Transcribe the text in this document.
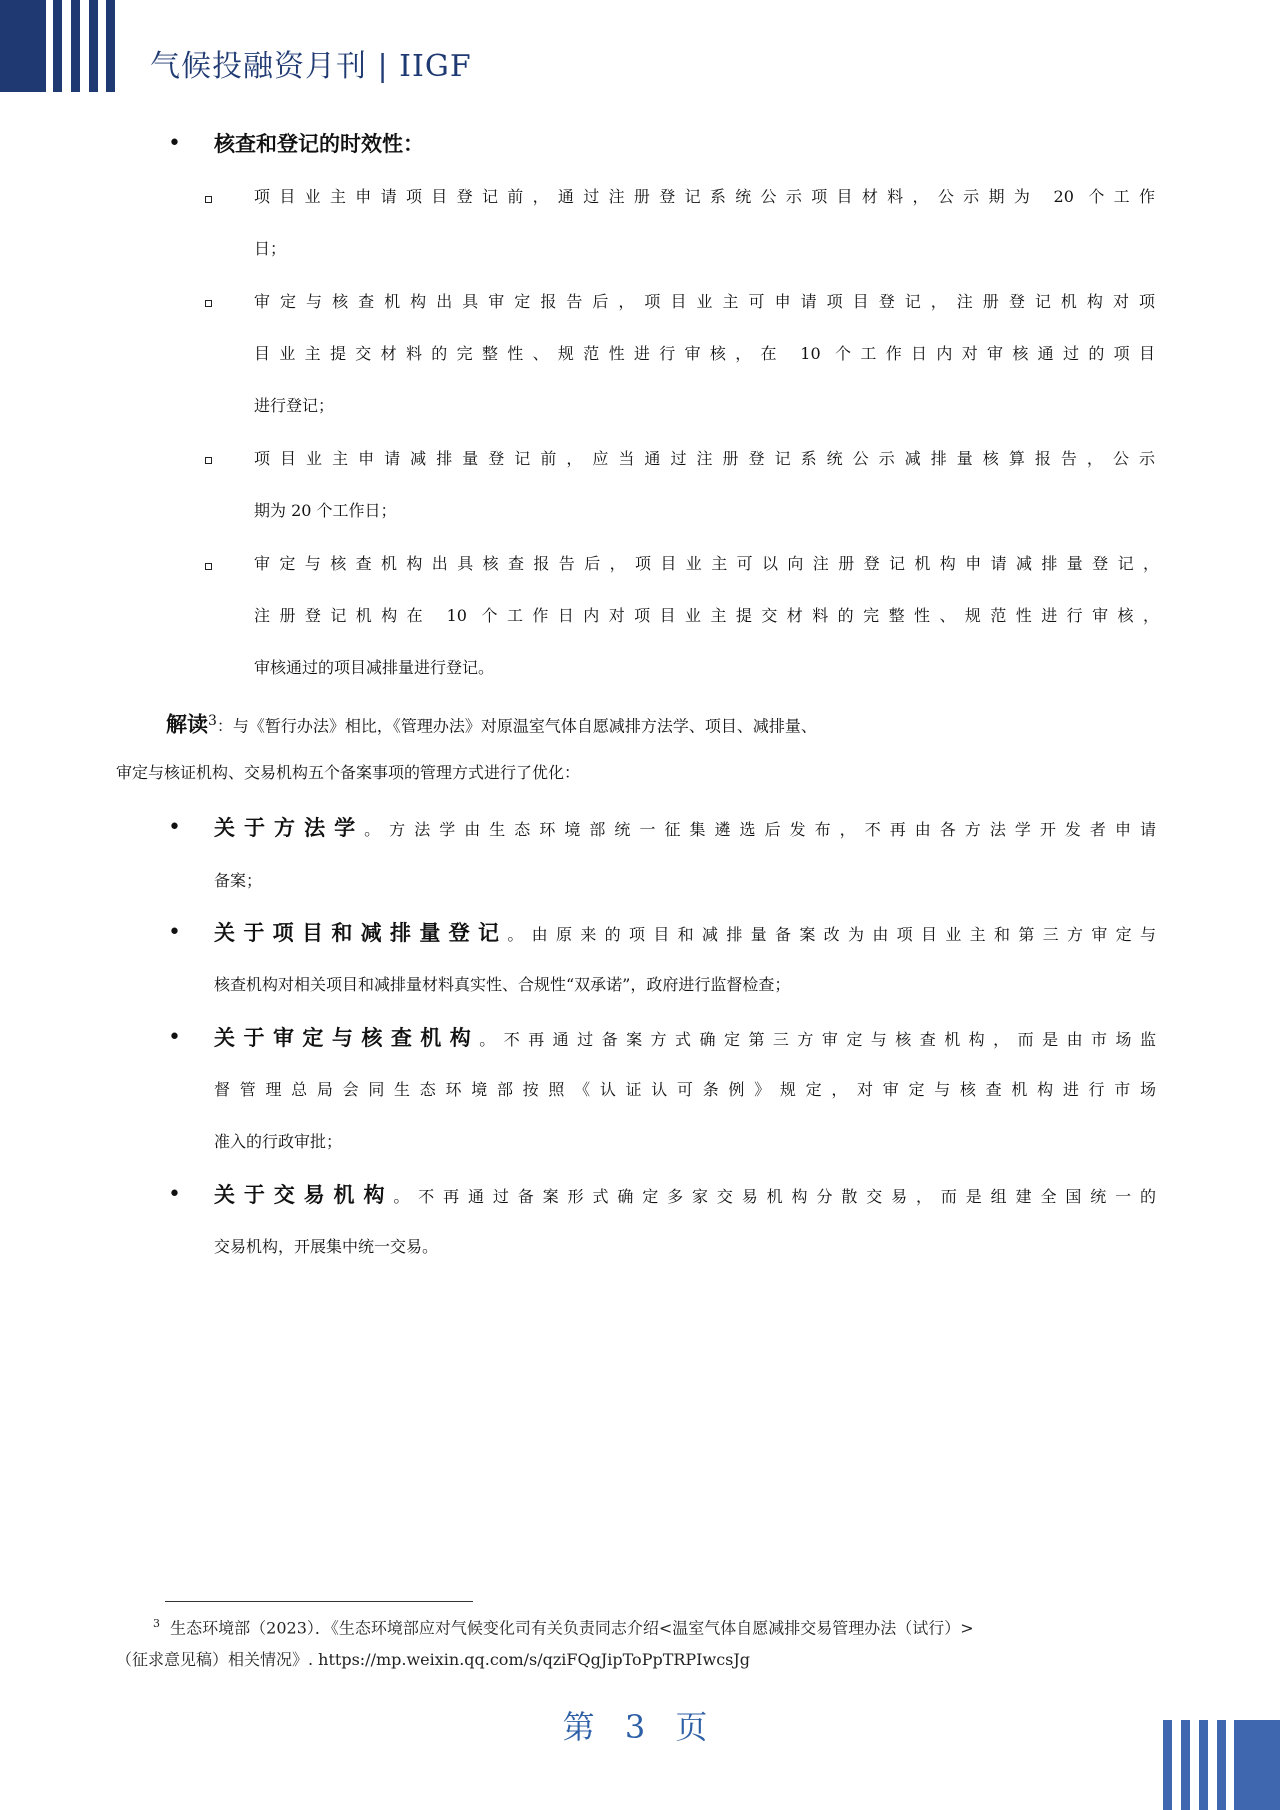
气候投融资月刊 | IIGF
• 核查和登记的时效性：
项目业主申请项目登记前，通过注册登记系统公示项目材料，公示期为 20 个工作
日；
审定与核查机构出具审定报告后，项目业主可申请项目登记，注册登记机构对项
目业主提交材料的完整性、规范性进行审核，在 10 个工作日内对审核通过的项目
进行登记；
项目业主申请减排量登记前，应当通过注册登记系统公示减排量核算报告，公示
期为 20 个工作日；
审定与核查机构出具核查报告后，项目业主可以向注册登记机构申请减排量登记，
注册登记机构在 10 个工作日内对项目业主提交材料的完整性、规范性进行审核，
审核通过的项目减排量进行登记。
解读$^3$：与《暂行办法》相比，《管理办法》对原温室气体自愿减排方法学、项目、减排量、
审定与核证机构、交易机构五个备案事项的管理方式进行了优化：
• 关于方法学。方法学由生态环境部统一征集遴选后发布，不再由各方法学开发者申请
备案；
• 关于项目和减排量登记。由原来的项目和减排量备案改为由项目业主和第三方审定与
核查机构对相关项目和减排量材料真实性、合规性“双承诺”，政府进行监督检查；
• 关于审定与核查机构。不再通过备案方式确定第三方审定与核查机构，而是由市场监
督管理总局会同生态环境部按照《认证认可条例》规定，对审定与核查机构进行市场
准入的行政审批；
• 关于交易机构。不再通过备案形式确定多家交易机构分散交易，而是组建全国统一的
交易机构，开展集中统一交易。
$^3$ 生态环境部（2023）．《生态环境部应对气候变化司有关负责同志介绍<温室气体自愿减排交易管理办法（试行）>
（征求意见稿）相关情况》. https://mp.weixin.qq.com/s/qziFQgJipToPpTRPIwcsJg
第 3 页
